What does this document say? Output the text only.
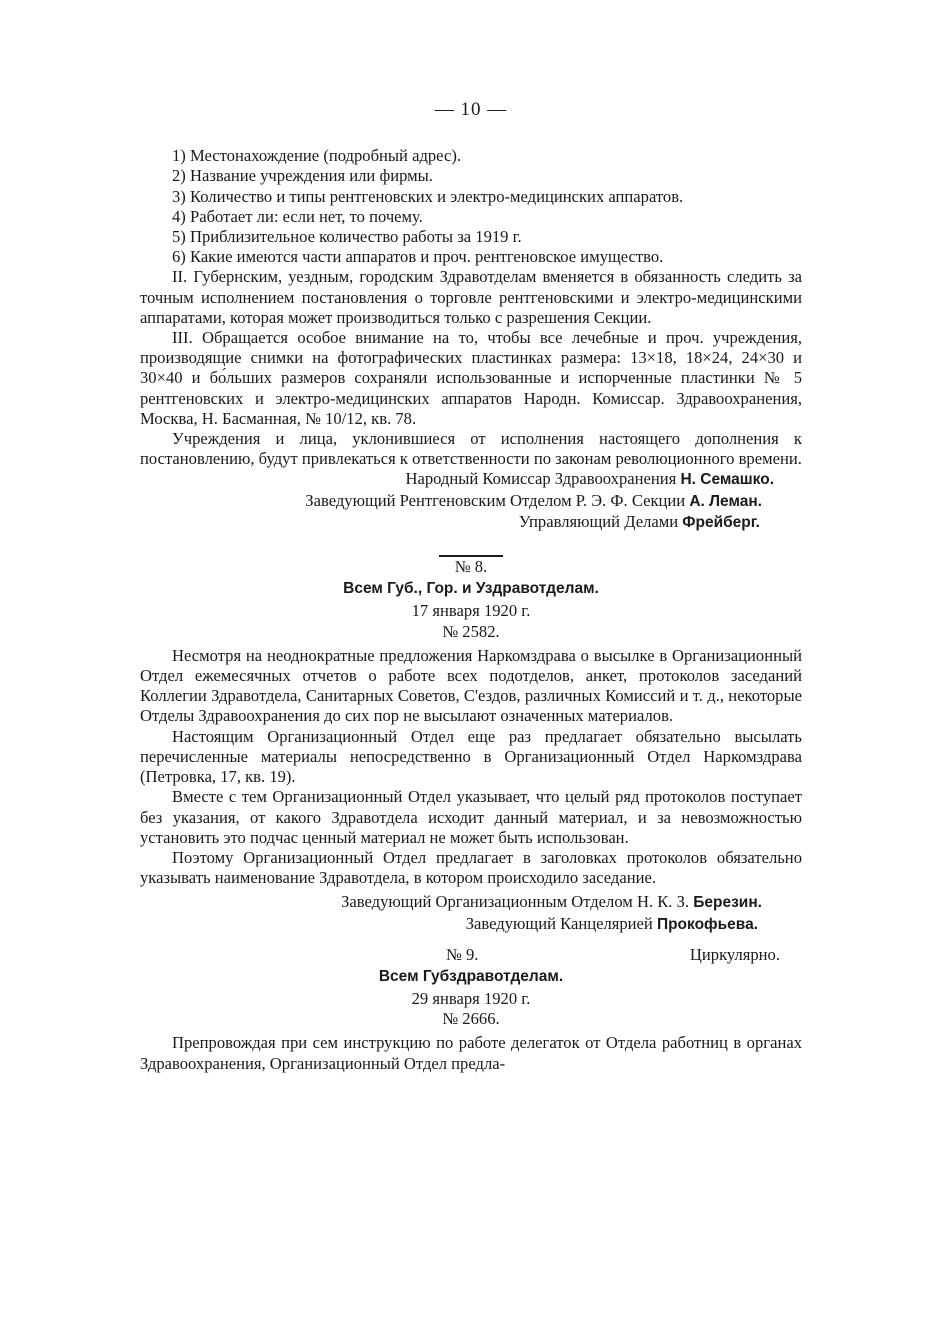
— 10 —

1) Местонахождение (подробный адрес).

2) Название учреждения или фирмы.

3) Количество и типы рентгеновских и электро-медицинских аппаратов.

4) Работает ли: если нет, то почему.

5) Приблизительное количество работы за 1919 г.

6) Какие имеются части аппаратов и проч. рентгеновское имущество.

II. Губернским, уездным, городским Здравотделам вменяется в обязанность следить за точным исполнением постановления о торговле рентгеновскими и электро-медицинскими аппаратами, которая может производиться только с разрешения Секции.

III. Обращается особое внимание на то, чтобы все лечебные и проч. учреждения, производящие снимки на фотографических пластинках размера: 13×18, 18×24, 24×30 и 30×40 и бо́льших размеров сохраняли использованные и испорченные пластинки № 5 рентгеновских и электро-медицинских аппаратов Народн. Комиссар. Здравоохранения, Москва, Н. Басманная, № 10/12, кв. 78.

Учреждения и лица, уклонившиеся от исполнения настоящего дополнения к постановлению, будут привлекаться к ответственности по законам революционного времени.

Народный Комиссар Здравоохранения Н. Семашко.
Заведующий Рентгеновским Отделом Р. Э. Ф. Секции А. Леман.
Управляющий Делами Фрейберг.
№ 8.
Всем Губ., Гор. и Уздравотделам.
17 января 1920 г.
№ 2582.

Несмотря на неоднократные предложения Наркомздрава о высылке в Организационный Отдел ежемесячных отчетов о работе всех подотделов, анкет, протоколов заседаний Коллегии Здравотдела, Санитарных Советов, С'ездов, различных Комиссий и т. д., некоторые Отделы Здравоохранения до сих пор не высылают означенных материалов.

Настоящим Организационный Отдел еще раз предлагает обязательно высылать перечисленные материалы непосредственно в Организационный Отдел Наркомздрава (Петровка, 17, кв. 19).

Вместе с тем Организационный Отдел указывает, что целый ряд протоколов поступает без указания, от какого Здравотдела исходит данный материал, и за невозможностью установить это подчас ценный материал не может быть использован.

Поэтому Организационный Отдел предлагает в заголовках протоколов обязательно указывать наименование Здравотдела, в котором происходило заседание.

Заведующий Организационным Отделом Н. К. З. Березин.
Заведующий Канцелярией Прокофьева.
№ 9.	Циркулярно.
Всем Губздравотделам.
29 января 1920 г.
№ 2666.

Препровождая при сем инструкцию по работе делегаток от Отдела работниц в органах Здравоохранения, Организационный Отдел предла-
